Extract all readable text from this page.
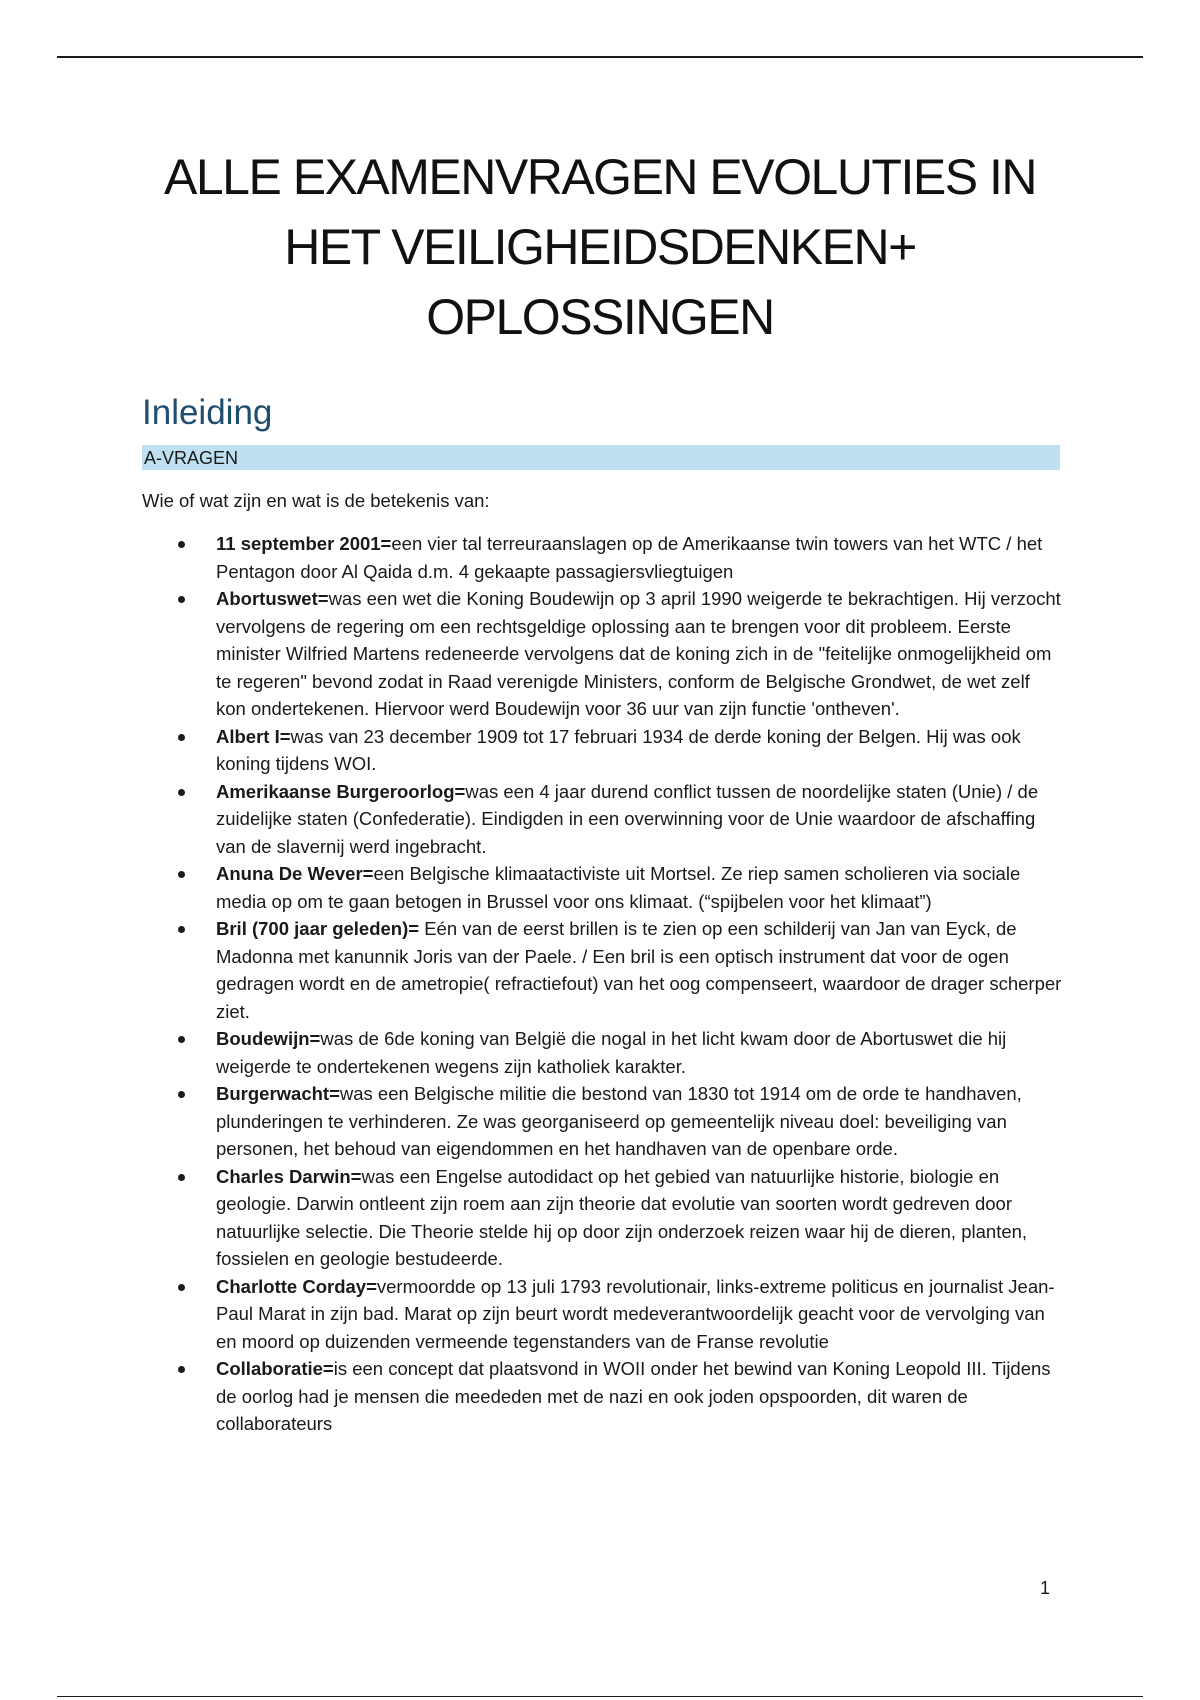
ALLE EXAMENVRAGEN EVOLUTIES IN
HET VEILIGHEIDSDENKEN+
OPLOSSINGEN
Inleiding
A-VRAGEN

Wie of wat zijn en wat is de betekenis van:

11 september 2001=een vier tal terreuraanslagen op de Amerikaanse twin towers van het WTC / het Pentagon door Al Qaida d.m. 4 gekaapte passagiersvliegtuigen
Abortuswet=was een wet die Koning Boudewijn op 3 april 1990 weigerde te bekrachtigen. Hij verzocht vervolgens de regering om een rechtsgeldige oplossing aan te brengen voor dit probleem. Eerste minister Wilfried Martens redeneerde vervolgens dat de koning zich in de "feitelijke onmogelijkheid om te regeren" bevond zodat in Raad verenigde Ministers, conform de Belgische Grondwet, de wet zelf kon ondertekenen. Hiervoor werd Boudewijn voor 36 uur van zijn functie 'ontheven'.
Albert I=was van 23 december 1909 tot 17 februari 1934 de derde koning der Belgen. Hij was ook koning tijdens WOI.
Amerikaanse Burgeroorlog=was een 4 jaar durend conflict tussen de noordelijke staten (Unie) / de zuidelijke staten (Confederatie). Eindigden in een overwinning voor de Unie waardoor de afschaffing van de slavernij werd ingebracht.
Anuna De Wever=een Belgische klimaatactiviste uit Mortsel. Ze riep samen scholieren via sociale media op om te gaan betogen in Brussel voor ons klimaat. (“spijbelen voor het klimaat”)
Bril (700 jaar geleden)= Eén van de eerst brillen is te zien op een schilderij van Jan van Eyck, de Madonna met kanunnik Joris van der Paele. / Een bril is een optisch instrument dat voor de ogen gedragen wordt en de ametropie( refractiefout) van het oog compenseert, waardoor de drager scherper ziet.
Boudewijn=was de 6de koning van België die nogal in het licht kwam door de Abortuswet die hij weigerde te ondertekenen wegens zijn katholiek karakter.
Burgerwacht=was een Belgische militie die bestond van 1830 tot 1914 om de orde te handhaven, plunderingen te verhinderen. Ze was georganiseerd op gemeentelijk niveau doel: beveiliging van personen, het behoud van eigendommen en het handhaven van de openbare orde.
Charles Darwin=was een Engelse autodidact op het gebied van natuurlijke historie, biologie en geologie. Darwin ontleent zijn roem aan zijn theorie dat evolutie van soorten wordt gedreven door natuurlijke selectie. Die Theorie stelde hij op door zijn onderzoek reizen waar hij de dieren, planten, fossielen en geologie bestudeerde.
Charlotte Corday=vermoordde op 13 juli 1793 revolutionair, links-extreme politicus en journalist Jean-Paul Marat in zijn bad. Marat op zijn beurt wordt medeverantwoordelijk geacht voor de vervolging van en moord op duizenden vermeende tegenstanders van de Franse revolutie
Collaboratie=is een concept dat plaatsvond in WOII onder het bewind van Koning Leopold III. Tijdens de oorlog had je mensen die meededen met de nazi en ook joden opspoorden, dit waren de collaborateurs
1
